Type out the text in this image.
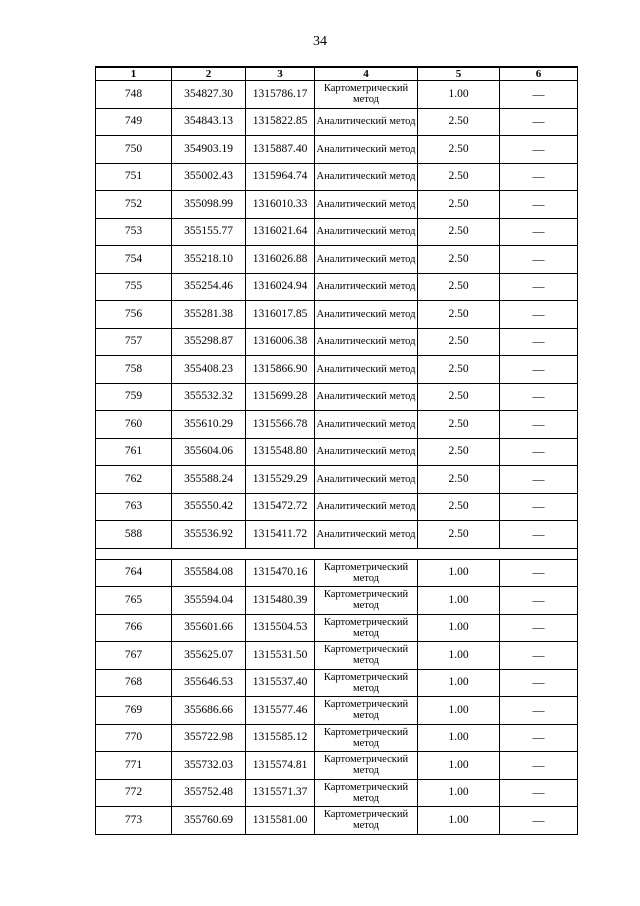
34
1	2	3	4	5	6
748	354827.30	1315786.17	Картометрический метод	1.00	—
749	354843.13	1315822.85	Аналитический метод	2.50	—
750	354903.19	1315887.40	Аналитический метод	2.50	—
751	355002.43	1315964.74	Аналитический метод	2.50	—
752	355098.99	1316010.33	Аналитический метод	2.50	—
753	355155.77	1316021.64	Аналитический метод	2.50	—
754	355218.10	1316026.88	Аналитический метод	2.50	—
755	355254.46	1316024.94	Аналитический метод	2.50	—
756	355281.38	1316017.85	Аналитический метод	2.50	—
757	355298.87	1316006.38	Аналитический метод	2.50	—
758	355408.23	1315866.90	Аналитический метод	2.50	—
759	355532.32	1315699.28	Аналитический метод	2.50	—
760	355610.29	1315566.78	Аналитический метод	2.50	—
761	355604.06	1315548.80	Аналитический метод	2.50	—
762	355588.24	1315529.29	Аналитический метод	2.50	—
763	355550.42	1315472.72	Аналитический метод	2.50	—
588	355536.92	1315411.72	Аналитический метод	2.50	—

764	355584.08	1315470.16	Картометрический метод	1.00	—
765	355594.04	1315480.39	Картометрический метод	1.00	—
766	355601.66	1315504.53	Картометрический метод	1.00	—
767	355625.07	1315531.50	Картометрический метод	1.00	—
768	355646.53	1315537.40	Картометрический метод	1.00	—
769	355686.66	1315577.46	Картометрический метод	1.00	—
770	355722.98	1315585.12	Картометрический метод	1.00	—
771	355732.03	1315574.81	Картометрический метод	1.00	—
772	355752.48	1315571.37	Картометрический метод	1.00	—
773	355760.69	1315581.00	Картометрический метод	1.00	—
